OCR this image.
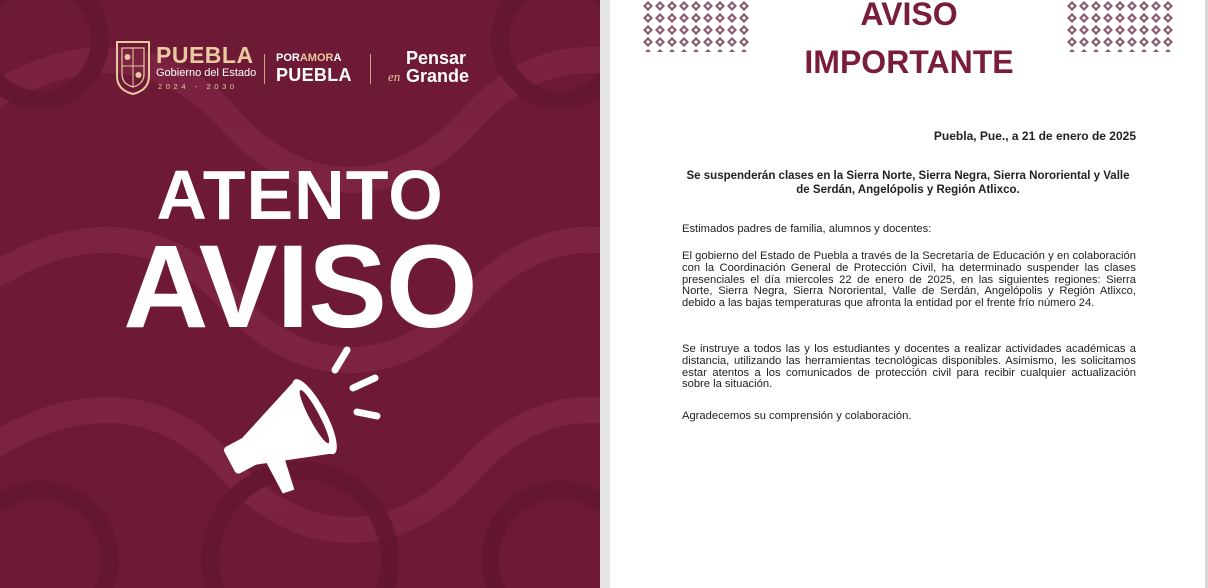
PUEBLA
Gobierno del Estado
2024 - 2030
PORAMORA
PUEBLA
Pensar
en Grande
ATENTO
AVISO
AVISO
IMPORTANTE
Puebla, Pue., a 21 de enero de 2025
Se suspenderán clases en la Sierra Norte, Sierra Negra, Sierra Nororiental y Valle de Serdán, Angelópolis y Región Atlixco.
Estimados padres de familia, alumnos y docentes:
El gobierno del Estado de Puebla a través de la Secretaría de Educación y en colaboración con la Coordinación General de Protección Civil, ha determinado suspender las clases presenciales el día miercoles 22 de enero de 2025, en las siguientes regiones: Sierra Norte, Sierra Negra, Sierra Nororiental, Valle de Serdán, Angelópolis y Región Atlixco, debido a las bajas temperaturas que afronta la entidad por el frente frío número 24.
Se instruye a todos las y los estudiantes y docentes a realizar actividades académicas a distancia, utilizando las herramientas tecnológicas disponibles. Asimismo, les solicitamos estar atentos a los comunicados de protección civil para recibir cualquier actualización sobre la situación.
Agradecemos su comprensión y colaboración.
